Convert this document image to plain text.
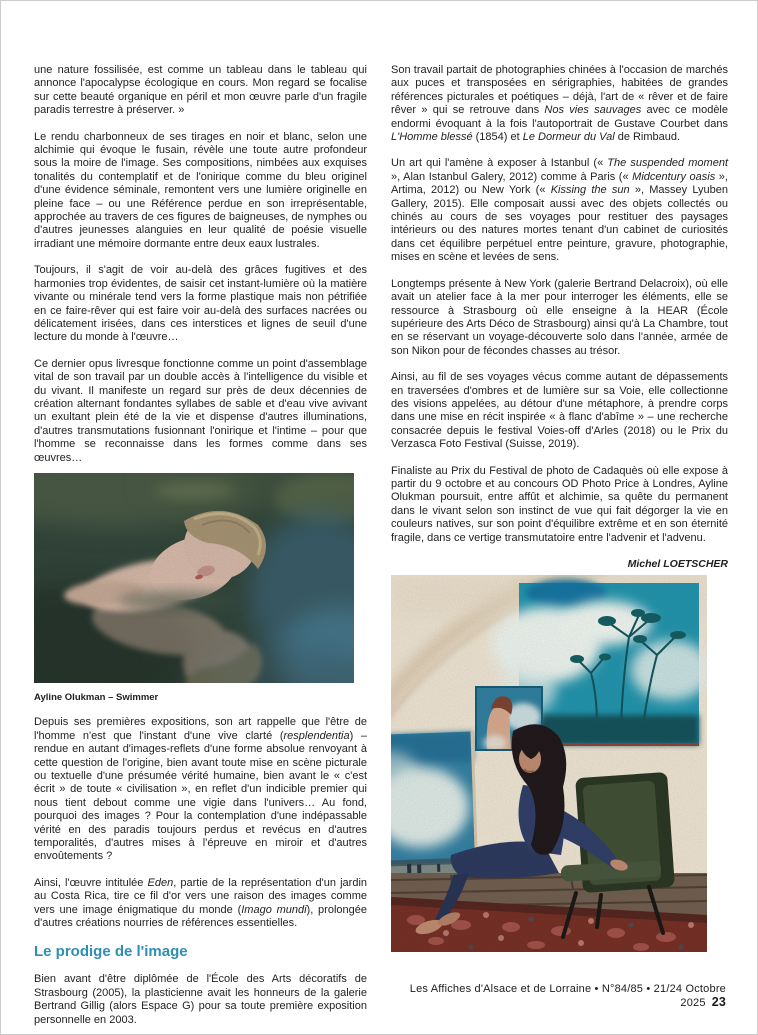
une nature fossilisée, est comme un tableau dans le tableau qui annonce l'apocalypse écologique en cours. Mon regard se focalise sur cette beauté organique en péril et mon œuvre parle d'un fragile paradis terrestre à préserver. »

Le rendu charbonneux de ses tirages en noir et blanc, selon une alchimie qui évoque le fusain, révèle une toute autre profondeur sous la moire de l'image. Ses compositions, nimbées aux exquises tonalités du contemplatif et de l'onirique comme du bleu originel d'une évidence séminale, remontent vers une lumière originelle en pleine face – ou une Référence perdue en son irreprésentable, approchée au travers de ces figures de baigneuses, de nymphes ou d'autres jeunesses alanguies en leur qualité de poésie visuelle irradiant une mémoire dormante entre deux eaux lustrales.

Toujours, il s'agit de voir au-delà des grâces fugitives et des harmonies trop évidentes, de saisir cet instant-lumière où la matière vivante ou minérale tend vers la forme plastique mais non pétrifiée en ce faire-rêver qui est faire voir au-delà des surfaces nacrées ou délicatement irisées, dans ces interstices et lignes de seuil d'une lecture du monde à l'œuvre…

Ce dernier opus livresque fonctionne comme un point d'assemblage vital de son travail par un double accès à l'intelligence du visible et du vivant. Il manifeste un regard sur près de deux décennies de création alternant fondantes syllabes de sable et d'eau vive avivant un exultant plein été de la vie et dispense d'autres illuminations, d'autres transmutations fusionnant l'onirique et l'intime – pour que l'homme se reconnaisse dans les formes comme dans ses œuvres…

Ayline Olukman – Swimmer

Depuis ses premières expositions, son art rappelle que l'être de l'homme n'est que l'instant d'une vive clarté (resplendentia) – rendue en autant d'images-reflets d'une forme absolue renvoyant à cette question de l'origine, bien avant toute mise en scène picturale ou textuelle d'une présumée vérité humaine, bien avant le « c'est écrit » de toute « civilisation », en reflet d'un indicible premier qui nous tient debout comme une vigie dans l'univers… Au fond, pourquoi des images ? Pour la contemplation d'une indépassable vérité en des paradis toujours perdus et revécus en d'autres temporalités, d'autres mises à l'épreuve en miroir et d'autres envoûtements ?

Ainsi, l'œuvre intitulée Eden, partie de la représentation d'un jardin au Costa Rica, tire ce fil d'or vers une raison des images comme vers une image énigmatique du monde (Imago mundi), prolongée d'autres créations nourries de références essentielles.

Le prodige de l'image

Bien avant d'être diplômée de l'École des Arts décoratifs de Strasbourg (2005), la plasticienne avait les honneurs de la galerie Bertrand Gillig (alors Espace G) pour sa toute première exposition personnelle en 2003.

Son travail partait de photographies chinées à l'occasion de marchés aux puces et transposées en sérigraphies, habitées de grandes références picturales et poétiques – déjà, l'art de « rêver et de faire rêver » qui se retrouve dans Nos vies sauvages avec ce modèle endormi évoquant à la fois l'autoportrait de Gustave Courbet dans L'Homme blessé (1854) et Le Dormeur du Val de Rimbaud.

Un art qui l'amène à exposer à Istanbul (« The suspended moment », Alan Istanbul Galery, 2012) comme à Paris (« Midcentury oasis », Artima, 2012) ou New York (« Kissing the sun », Massey Lyuben Gallery, 2015). Elle composait aussi avec des objets collectés ou chinés au cours de ses voyages pour restituer des paysages intérieurs ou des natures mortes tenant d'un cabinet de curiosités dans cet équilibre perpétuel entre peinture, gravure, photographie, mises en scène et levées de sens.

Longtemps présente à New York (galerie Bertrand Delacroix), où elle avait un atelier face à la mer pour interroger les éléments, elle se ressource à Strasbourg où elle enseigne à la HEAR (École supérieure des Arts Déco de Strasbourg) ainsi qu'à La Chambre, tout en se réservant un voyage-découverte solo dans l'année, armée de son Nikon pour de fécondes chasses au trésor.

Ainsi, au fil de ses voyages vécus comme autant de dépassements en traversées d'ombres et de lumière sur sa Voie, elle collectionne des visions appelées, au détour d'une métaphore, à prendre corps dans une mise en récit inspirée « à flanc d'abîme » – une recherche consacrée depuis le festival Voies-off d'Arles (2018) ou le Prix du Verzasca Foto Festival (Suisse, 2019).

Finaliste au Prix du Festival de photo de Cadaquès où elle expose à partir du 9 octobre et au concours OD Photo Price à Londres, Ayline Olukman poursuit, entre affût et alchimie, sa quête du permanent dans le vivant selon son instinct de vue qui fait dégorger la vie en couleurs natives, sur son point d'équilibre extrême et en son éternité fragile, dans ce vertige transmutatoire entre l'advenir et l'advenu.

Michel LOETSCHER
Les Affiches d'Alsace et de Lorraine • N°84/85 • 21/24 Octobre 2025 23
